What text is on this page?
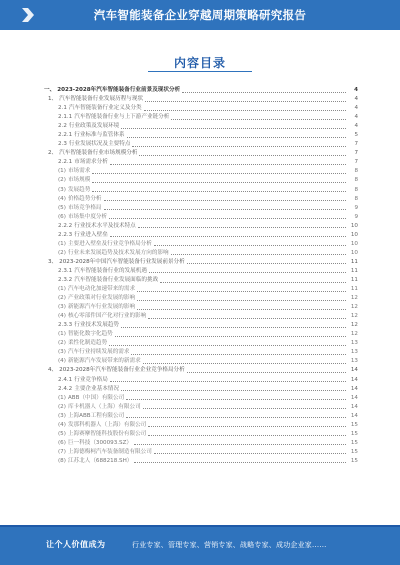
汽车智能装备企业穿越周期策略研究报告
内容目录
一、 2023-2028年汽车智能装备行业前景及现状分析	4
1、 汽车智能装备行业发展历程与现状	4
2.1 汽车智能装备行业定义及分类	4
2.1.1 汽车智能装备行业与上下游产业链分析	4
2.2 行业政策及发展环境	4
2.2.1 行业标准与监管体系	5
2.3 行业发展状况及主要特点	7
2、 汽车智能装备行业市场规模分析	7
2.2.1 市场需求分析	7
(1) 市场需求	8
(2) 市场规模	8
(3) 发展趋势	8
(4) 价格趋势分析	8
(5) 市场竞争格局	9
(6) 市场集中度分析	9
2.2.2 行业技术水平及技术特点	10
2.2.3 行业进入壁垒	10
(1) 主要进入壁垒及行业竞争格局分析	10
(2) 行业未来发展趋势及技术发展方向的影响	10
3、 2023-2028年中国汽车智能装备行业发展前景分析	11
2.3.1 汽车智能装备行业的发展机遇	11
2.3.2 汽车智能装备行业发展面临的挑战	11
(1) 汽车电动化加速带来的需求	11
(2) 产业政策对行业发展的影响	12
(3) 新能源汽车行业发展的影响	12
(4) 核心零部件国产化对行业的影响	12
2.3.3 行业技术发展趋势	12
(1) 智能化数字化趋势	12
(2) 柔性化制造趋势	13
(3) 汽车行业持续发展的需求	13
(4) 新能源汽车发展带来的新需求	13
4、 2023-2028年汽车智能装备行业企业竞争格局分析	14
2.4.1 行业竞争格局	14
2.4.2 主要企业基本情况	14
(1) ABB（中国）有限公司	14
(2) 库卡机器人（上海）有限公司	14
(3) 上海ABB工程有限公司	14
(4) 发那科机器人（上海）有限公司	15
(5) 上海赛摩智能科技股份有限公司	15
(6) 巨一科技（300093.SZ）	15
(7) 上海德梅柯汽车装备制造有限公司	15
(8) 江苏北人（688218.SH）	15
让个人价值成为	行业专家、管理专家、营销专家、战略专家、成功企业家......
